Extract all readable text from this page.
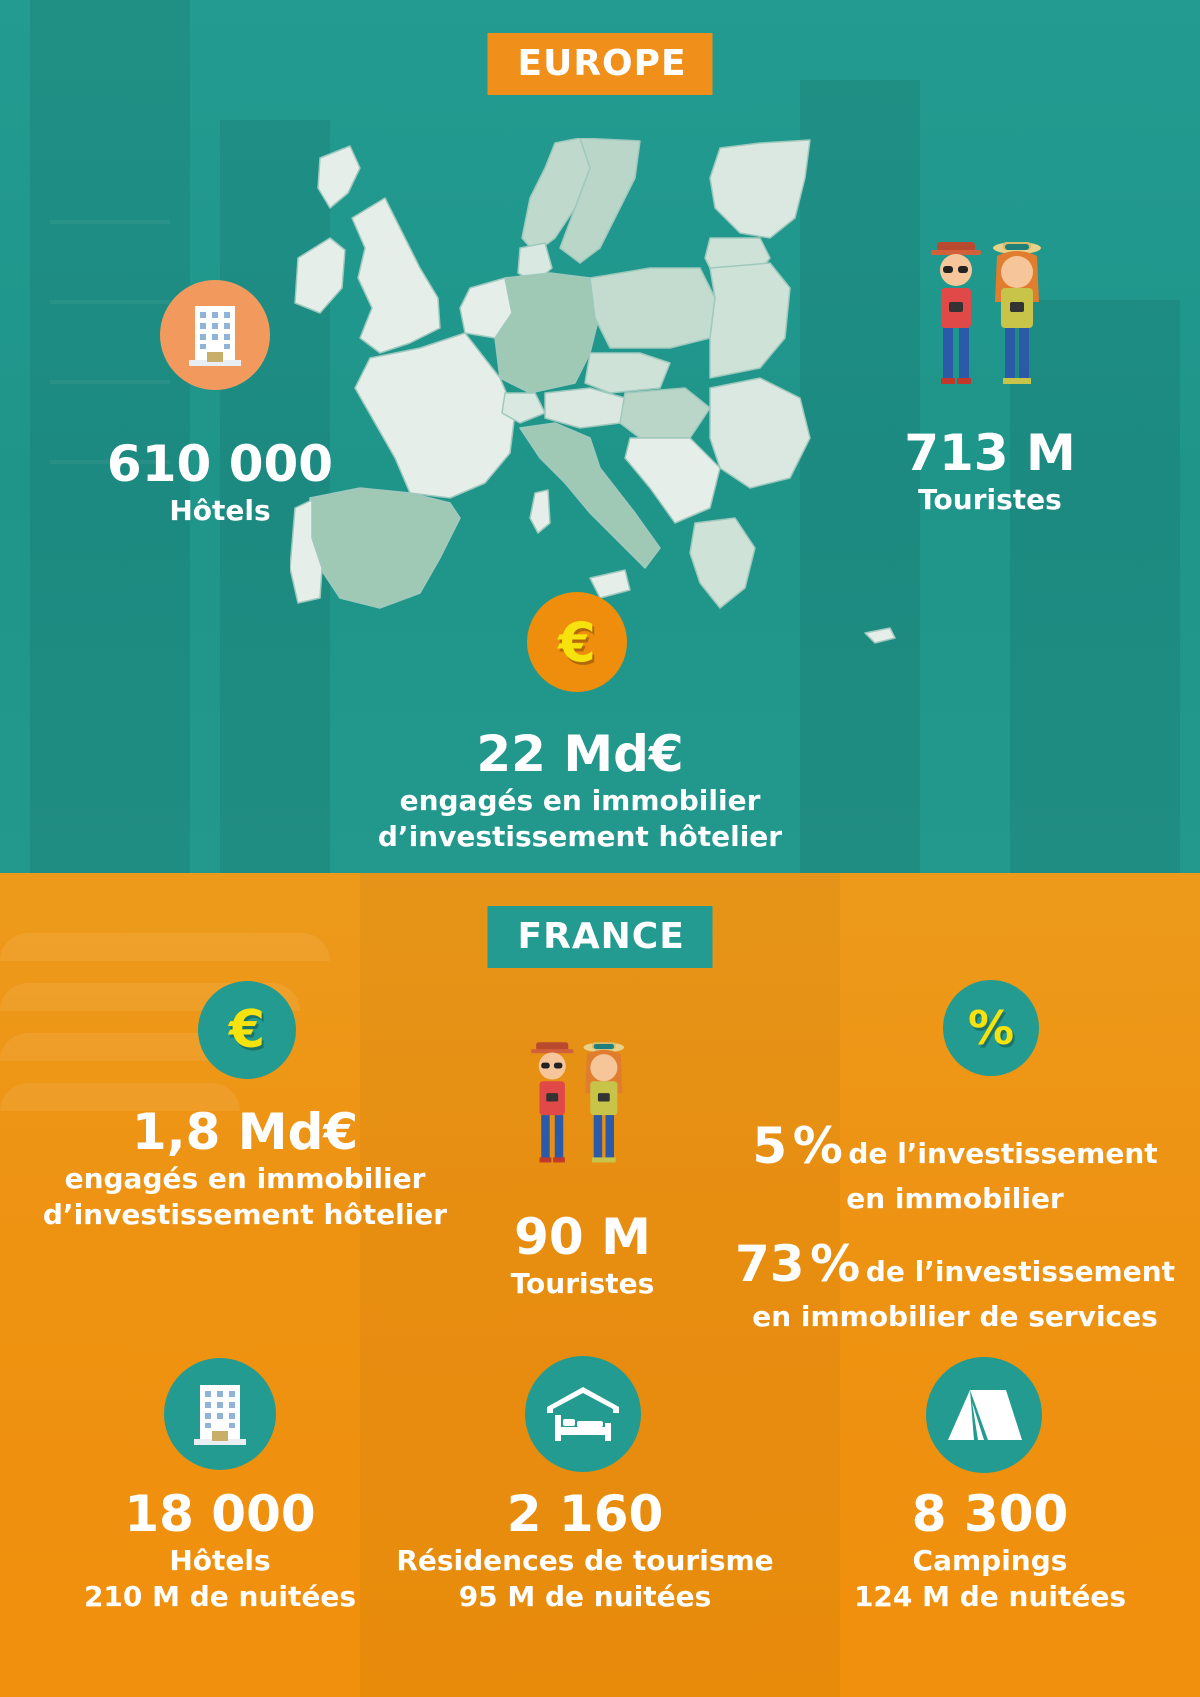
EUROPE
610 000
Hôtels
713 M
Touristes
€
22 Md€
engagés en immobilier
d’investissement hôtelier
FRANCE
€
1,8 Md€
engagés en immobilier
d’investissement hôtelier	90 M
Touristes
%
5 % de l’investissement
en immobilier
73 % de l’investissement
en immobilier de services
18 000
Hôtels
210 M de nuitées
2 160
Résidences de tourisme
95 M de nuitées
8 300
Campings
124 M de nuitées
